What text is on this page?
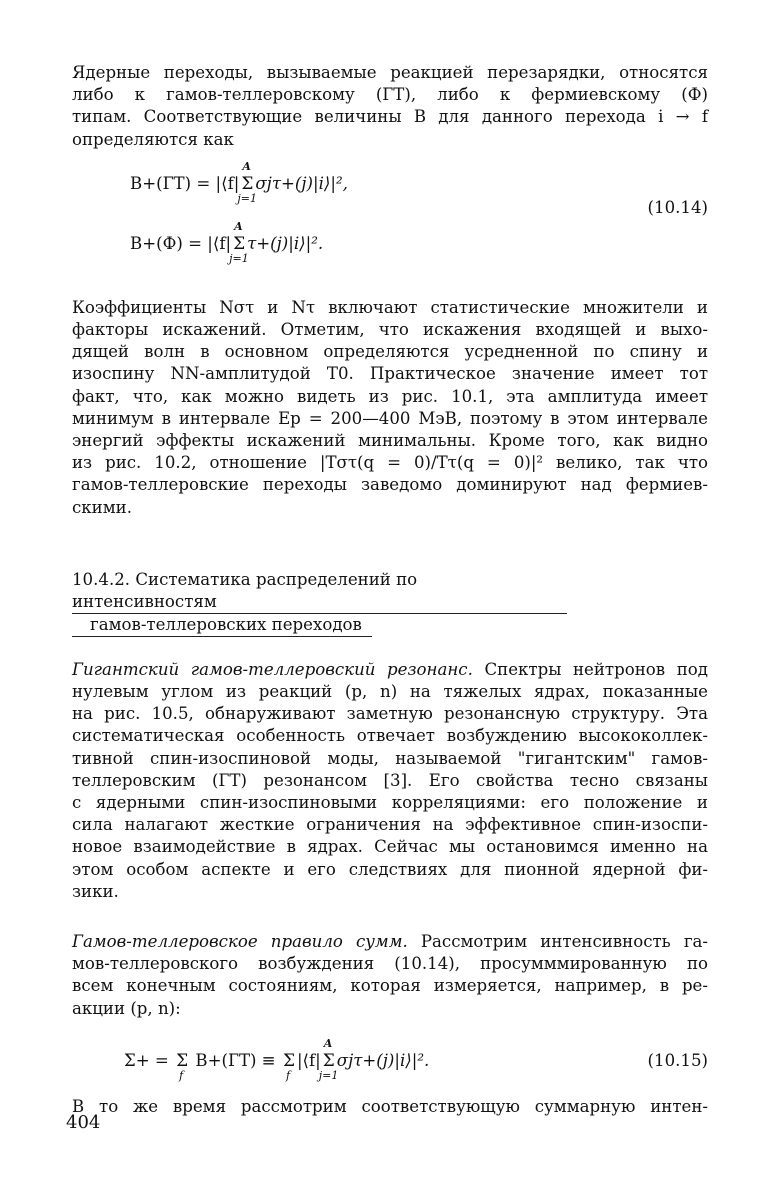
Ядерные переходы, вызываемые реакцией перезарядки, относятся
либо к гамов-теллеровскому (ГТ), либо к фермиевскому (Ф)
типам. Соответствующие величины B для данного перехода i → f
определяются как

B+(ГТ) = |⟨f|
A
Σ
j=1
σjτ+(j)|i⟩|²,
(10.14)
B+(Ф) = |⟨f|
A
Σ
j=1
τ+(j)|i⟩|².

Коэффициенты Nστ и Nτ включают статистические множители и
факторы искажений. Отметим, что искажения входящей и выхо-
дящей волн в основном определяются усредненной по спину и
изоспину NN-амплитудой T0. Практическое значение имеет тот
факт, что, как можно видеть из рис. 10.1, эта амплитуда имеет
минимум в интервале Ep = 200—400 МэВ, поэтому в этом интервале
энергий эффекты искажений минимальны. Кроме того, как видно
из рис. 10.2, отношение |Tστ(q = 0)/Tτ(q = 0)|² велико, так что
гамов-теллеровские переходы заведомо доминируют над фермиев-
скими.

10.4.2. Систематика распределений по интенсивностям
гамов-теллеровских переходов

Гигантский гамов-теллеровский резонанс. Спектры нейтронов под
нулевым углом из реакций (p, n) на тяжелых ядрах, показанные
на рис. 10.5, обнаруживают заметную резонансную структуру. Эта
систематическая особенность отвечает возбуждению высококоллек-
тивной спин-изоспиновой моды, называемой "гигантским" гамов-
теллеровским (ГТ) резонансом [3]. Его свойства тесно связаны
с ядерными спин-изоспиновыми корреляциями: его положение и
сила налагают жесткие ограничения на эффективное спин-изоспи-
новое взаимодействие в ядрах. Сейчас мы остановимся именно на
этом особом аспекте и его следствиях для пионной ядерной фи-
зики.

Гамов-теллеровское правило сумм. Рассмотрим интенсивность га-
мов-теллеровского возбуждения (10.14), просумммированную по
всем конечным состояниям, которая измеряется, например, в ре-
акции (p, n):

Σ+ = Σ
f
B+(ГТ) ≡ Σ
f
|⟨f|
A
Σ
j=1
σjτ+(j)|i⟩|².	(10.15)

В то же время рассмотрим соответствующую суммарную интен-

404
